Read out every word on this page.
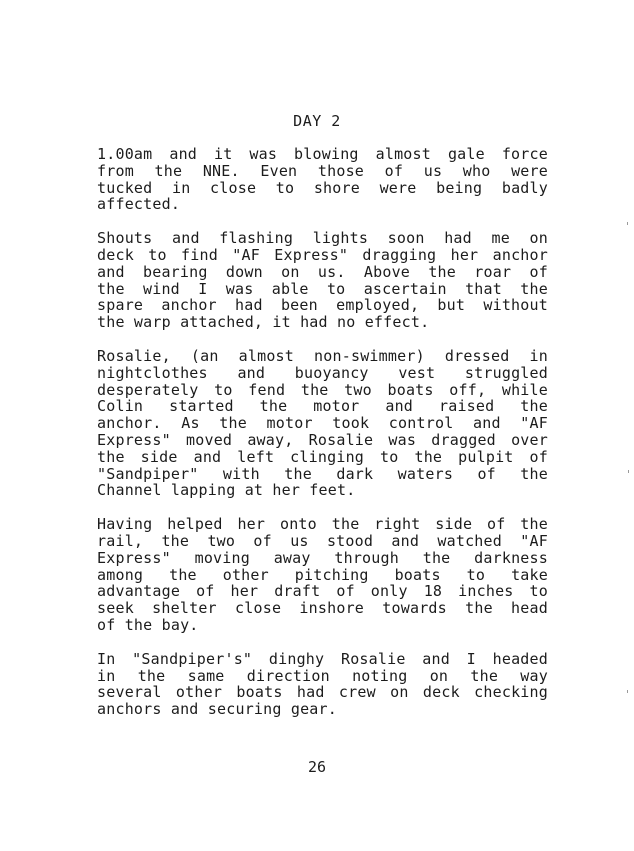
DAY 2

1.00am and it was blowing almost gale force
from the NNE. Even those of us who were
tucked in close to shore were being badly
affected.

Shouts and flashing lights soon had me on
deck to find "AF Express" dragging her anchor
and bearing down on us. Above the roar of
the wind I was able to ascertain that the
spare anchor had been employed, but without
the warp attached, it had no effect.

Rosalie, (an almost non-swimmer) dressed in
nightclothes and buoyancy vest struggled
desperately to fend the two boats off, while
Colin started the motor and raised the
anchor. As the motor took control and "AF
Express" moved away, Rosalie was dragged over
the side and left clinging to the pulpit of
"Sandpiper" with the dark waters of the
Channel lapping at her feet.

Having helped her onto the right side of the
rail, the two of us stood and watched "AF
Express" moving away through the darkness
among the other pitching boats to take
advantage of her draft of only 18 inches to
seek shelter close inshore towards the head
of the bay.

In "Sandpiper's" dinghy Rosalie and I headed
in the same direction noting on the way
several other boats had crew on deck checking
anchors and securing gear.

26
